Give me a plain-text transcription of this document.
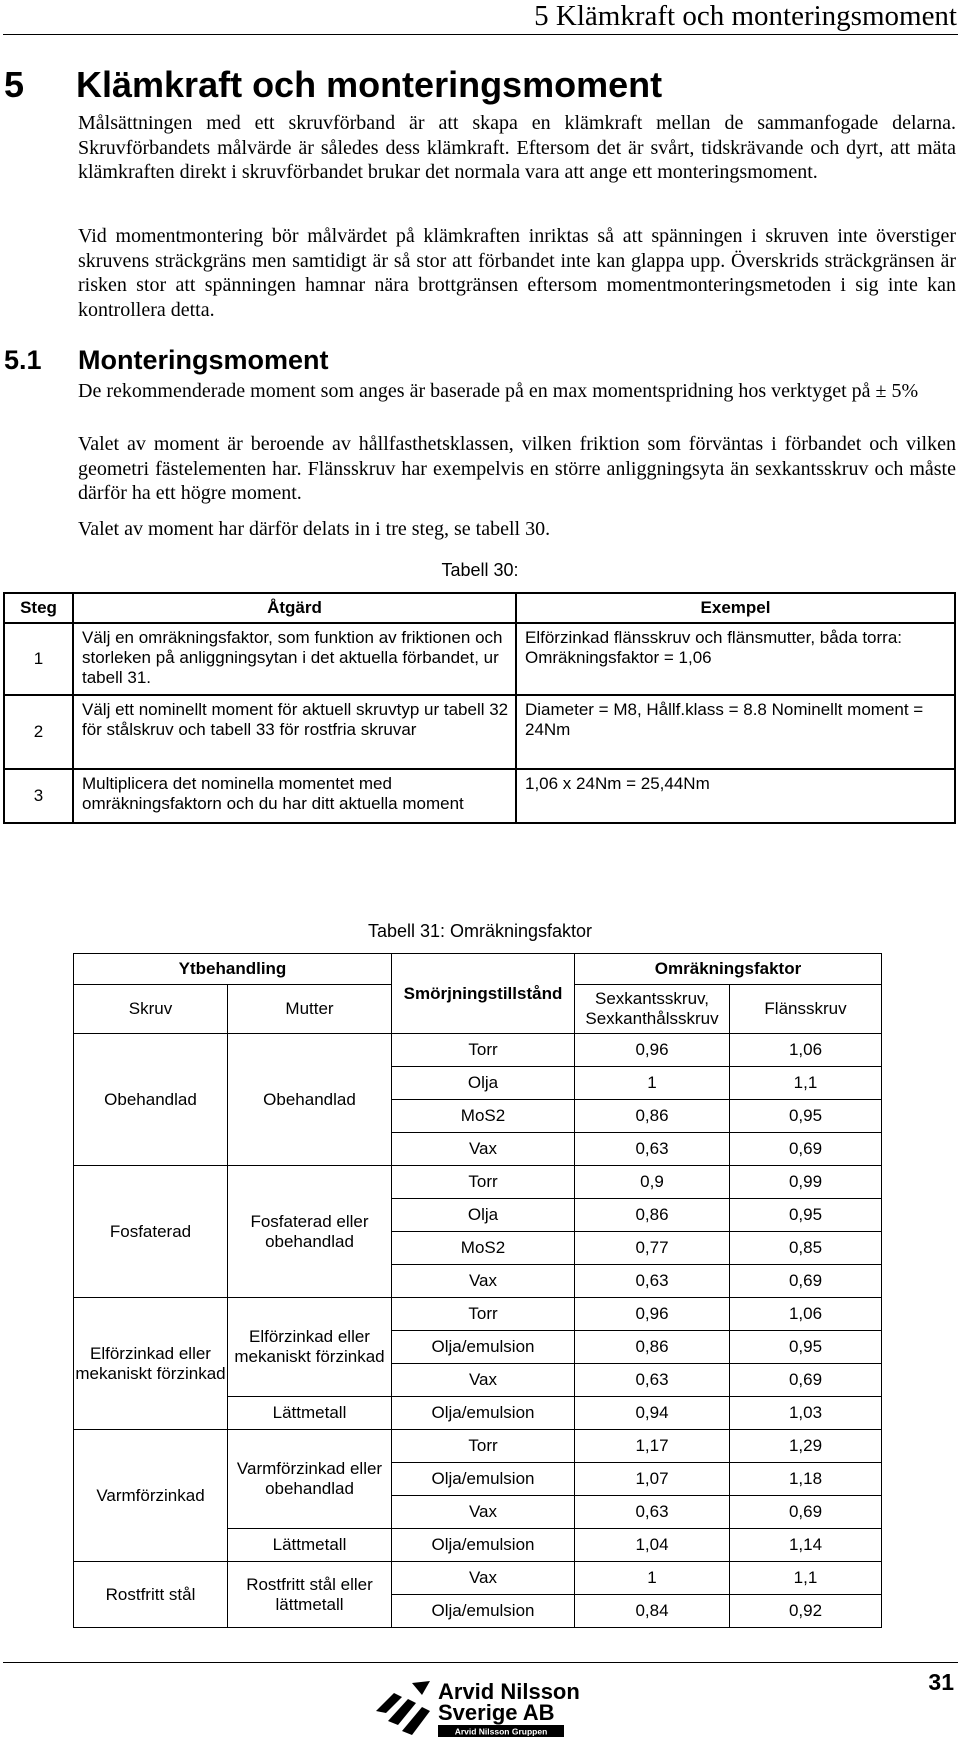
5 Klämkraft och monteringsmoment
5 Klämkraft och monteringsmoment

Målsättningen med ett skruvförband är att skapa en klämkraft mellan de sammanfogade delarna. Skruvförbandets målvärde är således dess klämkraft. Eftersom det är svårt, tidskrävande och dyrt, att mäta klämkraften direkt i skruvförbandet brukar det normala vara att ange ett monteringsmoment.

Vid momentmontering bör målvärdet på klämkraften inriktas så att spänningen i skruven inte överstiger skruvens sträckgräns men samtidigt är så stor att förbandet inte kan glappa upp. Överskrids sträckgränsen är risken stor att spänningen hamnar nära brottgränsen eftersom momentmonteringsmetoden i sig inte kan kontrollera detta.

5.1 Monteringsmoment

De rekommenderade moment som anges är baserade på en max momentspridning hos verktyget på ± 5%

Valet av moment är beroende av hållfasthetsklassen, vilken friktion som förväntas i förbandet och vilken geometri fästelementen har. Flänsskruv har exempelvis en större anliggningsyta än sexkantsskruv och måste därför ha ett högre moment.

Valet av moment har därför delats in i tre steg, se tabell 30.

Tabell 30:
Steg	Åtgärd	Exempel
1	Välj en omräkningsfaktor, som funktion av friktionen och storleken på anliggningsytan i det aktuella förbandet, ur tabell 31.	Elförzinkad flänsskruv och flänsmutter, båda torra: Omräkningsfaktor = 1,06
2	Välj ett nominellt moment för aktuell skruvtyp ur tabell 32 för stålskruv och tabell 33 för rostfria skruvar	Diameter = M8, Hållf.klass = 8.8 Nominellt moment = 24Nm
3	Multiplicera det nominella momentet med omräkningsfaktorn och du har ditt aktuella moment	1,06 x 24Nm = 25,44Nm
Tabell 31: Omräkningsfaktor
Ytbehandling		Smörjningstillstånd	Omräkningsfaktor	
Skruv	Mutter		Sexkantsskruv, Sexkanthålsskruv	Flänsskruv
Obehandlad	Obehandlad	Torr	0,96	1,06
		Olja	1	1,1
		MoS2	0,86	0,95
		Vax	0,63	0,69
Fosfaterad	Fosfaterad eller obehandlad	Torr	0,9	0,99
		Olja	0,86	0,95
		MoS2	0,77	0,85
		Vax	0,63	0,69
Elförzinkad eller mekaniskt förzinkad	Elförzinkad eller mekaniskt förzinkad	Torr	0,96	1,06
		Olja/emulsion	0,86	0,95
		Vax	0,63	0,69
	Lättmetall	Olja/emulsion	0,94	1,03
Varmförzinkad	Varmförzinkad eller obehandlad	Torr	1,17	1,29
		Olja/emulsion	1,07	1,18
		Vax	0,63	0,69
	Lättmetall	Olja/emulsion	1,04	1,14
Rostfritt stål	Rostfritt stål eller lättmetall	Vax	1	1,1
		Olja/emulsion	0,84	0,92
31
Arvid Nilsson
Sverige AB
Arvid Nilsson Gruppen
